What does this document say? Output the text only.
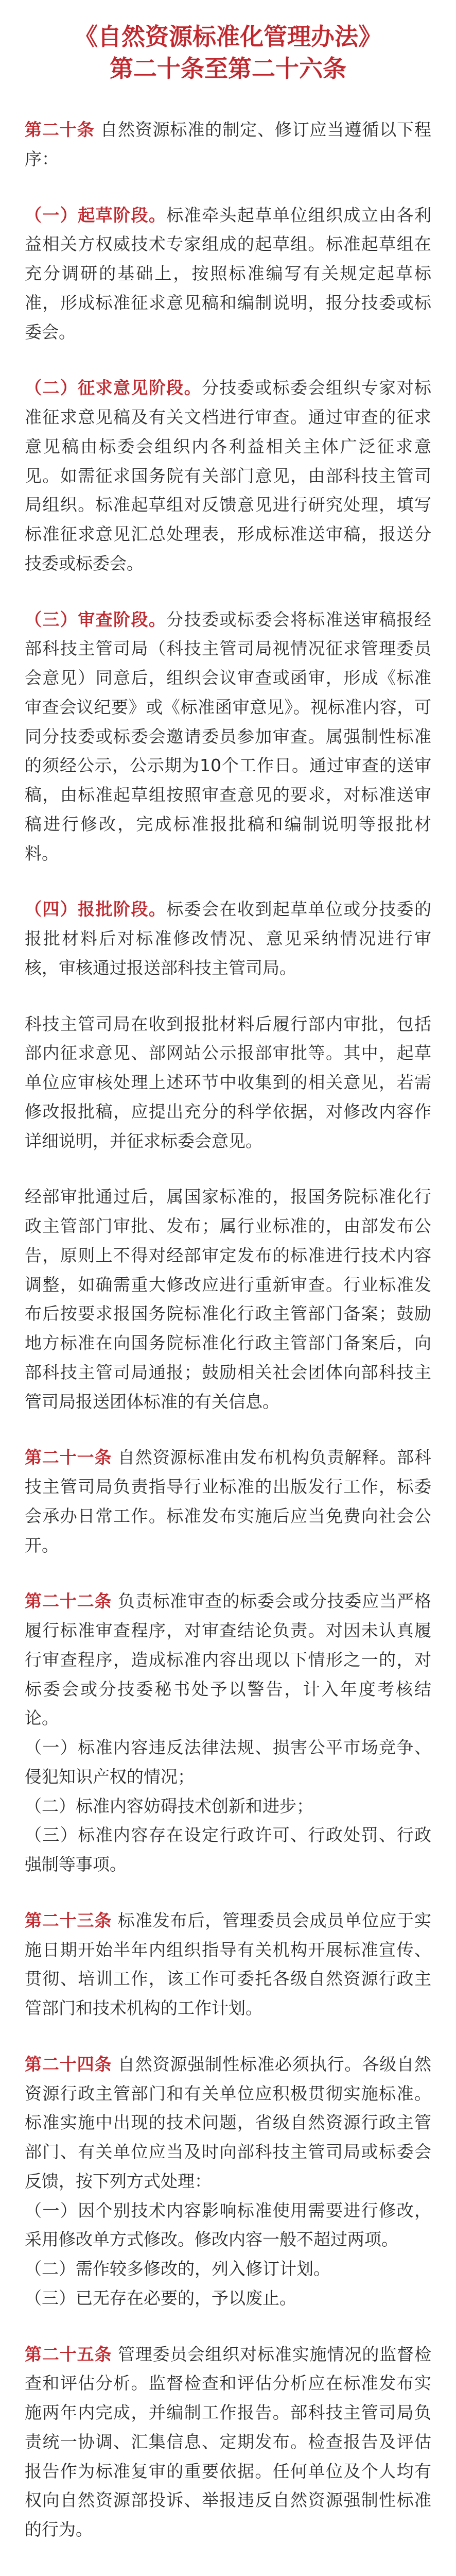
《自然资源标准化管理办法》
第二十条至第二十六条

第二十条 自然资源标准的制定、修订应当遵循以下程序：

（一）起草阶段。标准牵头起草单位组织成立由各利益相关方权威技术专家组成的起草组。标准起草组在充分调研的基础上，按照标准编写有关规定起草标准，形成标准征求意见稿和编制说明，报分技委或标委会。

（二）征求意见阶段。分技委或标委会组织专家对标准征求意见稿及有关文档进行审查。通过审查的征求意见稿由标委会组织内各利益相关主体广泛征求意见。如需征求国务院有关部门意见，由部科技主管司局组织。标准起草组对反馈意见进行研究处理，填写标准征求意见汇总处理表，形成标准送审稿，报送分技委或标委会。

（三）审查阶段。分技委或标委会将标准送审稿报经部科技主管司局（科技主管司局视情况征求管理委员会意见）同意后，组织会议审查或函审，形成《标准审查会议纪要》或《标准函审意见》。视标准内容，可同分技委或标委会邀请委员参加审查。属强制性标准的须经公示，公示期为10个工作日。通过审查的送审稿，由标准起草组按照审查意见的要求，对标准送审稿进行修改，完成标准报批稿和编制说明等报批材料。

（四）报批阶段。标委会在收到起草单位或分技委的报批材料后对标准修改情况、意见采纳情况进行审核，审核通过报送部科技主管司局。

科技主管司局在收到报批材料后履行部内审批，包括部内征求意见、部网站公示报部审批等。其中，起草单位应审核处理上述环节中收集到的相关意见，若需修改报批稿，应提出充分的科学依据，对修改内容作详细说明，并征求标委会意见。

经部审批通过后，属国家标准的，报国务院标准化行政主管部门审批、发布；属行业标准的，由部发布公告，原则上不得对经部审定发布的标准进行技术内容调整，如确需重大修改应进行重新审查。行业标准发布后按要求报国务院标准化行政主管部门备案；鼓励地方标准在向国务院标准化行政主管部门备案后，向部科技主管司局通报；鼓励相关社会团体向部科技主管司局报送团体标准的有关信息。

第二十一条 自然资源标准由发布机构负责解释。部科技主管司局负责指导行业标准的出版发行工作，标委会承办日常工作。标准发布实施后应当免费向社会公开。

第二十二条 负责标准审查的标委会或分技委应当严格履行标准审查程序，对审查结论负责。对因未认真履行审查程序，造成标准内容出现以下情形之一的，对标委会或分技委秘书处予以警告，计入年度考核结论。

（一）标准内容违反法律法规、损害公平市场竞争、侵犯知识产权的情况；
（二）标准内容妨碍技术创新和进步；
（三）标准内容存在设定行政许可、行政处罚、行政强制等事项。

第二十三条 标准发布后，管理委员会成员单位应于实施日期开始半年内组织指导有关机构开展标准宣传、贯彻、培训工作，该工作可委托各级自然资源行政主管部门和技术机构的工作计划。

第二十四条 自然资源强制性标准必须执行。各级自然资源行政主管部门和有关单位应积极贯彻实施标准。标准实施中出现的技术问题，省级自然资源行政主管部门、有关单位应当及时向部科技主管司局或标委会反馈，按下列方式处理：

（一）因个别技术内容影响标准使用需要进行修改，采用修改单方式修改。修改内容一般不超过两项。
（二）需作较多修改的，列入修订计划。
（三）已无存在必要的，予以废止。

第二十五条 管理委员会组织对标准实施情况的监督检查和评估分析。监督检查和评估分析应在标准发布实施两年内完成，并编制工作报告。部科技主管司局负责统一协调、汇集信息、定期发布。检查报告及评估报告作为标准复审的重要依据。任何单位及个人均有权向自然资源部投诉、举报违反自然资源强制性标准的行为。
